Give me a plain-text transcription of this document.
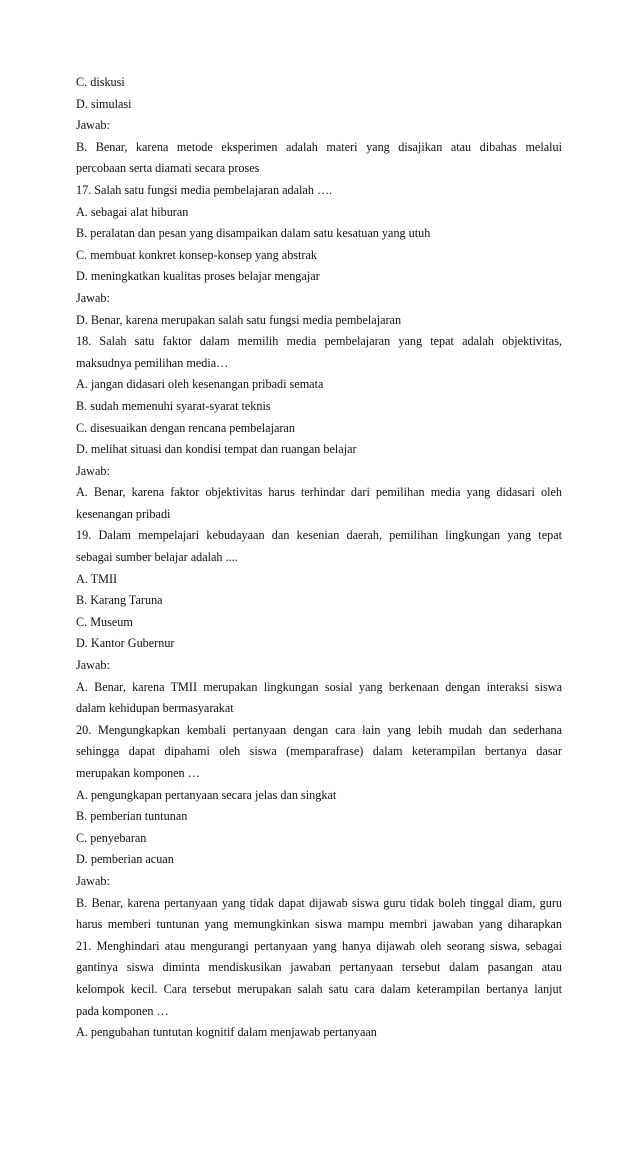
C. diskusi
D. simulasi
Jawab:
B. Benar, karena metode eksperimen adalah materi yang disajikan atau dibahas melalui
percobaan serta diamati secara proses
17. Salah satu fungsi media pembelajaran adalah ….
A. sebagai alat hiburan
B. peralatan dan pesan yang disampaikan dalam satu kesatuan yang utuh
C. membuat konkret konsep-konsep yang abstrak
D. meningkatkan kualitas proses belajar mengajar
Jawab:
D. Benar, karena merupakan salah satu fungsi media pembelajaran
18. Salah satu faktor dalam memilih media pembelajaran yang tepat adalah objektivitas,
maksudnya pemilihan media…
A. jangan didasari oleh kesenangan pribadi semata
B. sudah memenuhi syarat-syarat teknis
C. disesuaikan dengan rencana pembelajaran
D. melihat situasi dan kondisi tempat dan ruangan belajar
Jawab:
A. Benar, karena faktor objektivitas harus terhindar dari pemilihan media yang didasari oleh
kesenangan pribadi
19. Dalam mempelajari kebudayaan dan kesenian daerah, pemilihan lingkungan yang tepat
sebagai sumber belajar adalah ....
A. TMII
B. Karang Taruna
C. Museum
D. Kantor Gubernur
Jawab:
A. Benar, karena TMII merupakan lingkungan sosial yang berkenaan dengan interaksi siswa
dalam kehidupan bermasyarakat
20. Mengungkapkan kembali pertanyaan dengan cara lain yang lebih mudah dan sederhana
sehingga dapat dipahami oleh siswa (memparafrase) dalam keterampilan bertanya dasar
merupakan komponen …
A. pengungkapan pertanyaan secara jelas dan singkat
B. pemberian tuntunan
C. penyebaran
D. pemberian acuan
Jawab:
B. Benar, karena pertanyaan yang tidak dapat dijawab siswa guru tidak boleh tinggal diam, guru
harus memberi tuntunan yang memungkinkan siswa mampu membri jawaban yang diharapkan
21. Menghindari atau mengurangi pertanyaan yang hanya dijawab oleh seorang siswa, sebagai
gantinya siswa diminta mendiskusikan jawaban pertanyaan tersebut dalam pasangan atau
kelompok kecil. Cara tersebut merupakan salah satu cara dalam keterampilan bertanya lanjut
pada komponen …
A. pengubahan tuntutan kognitif dalam menjawab pertanyaan
